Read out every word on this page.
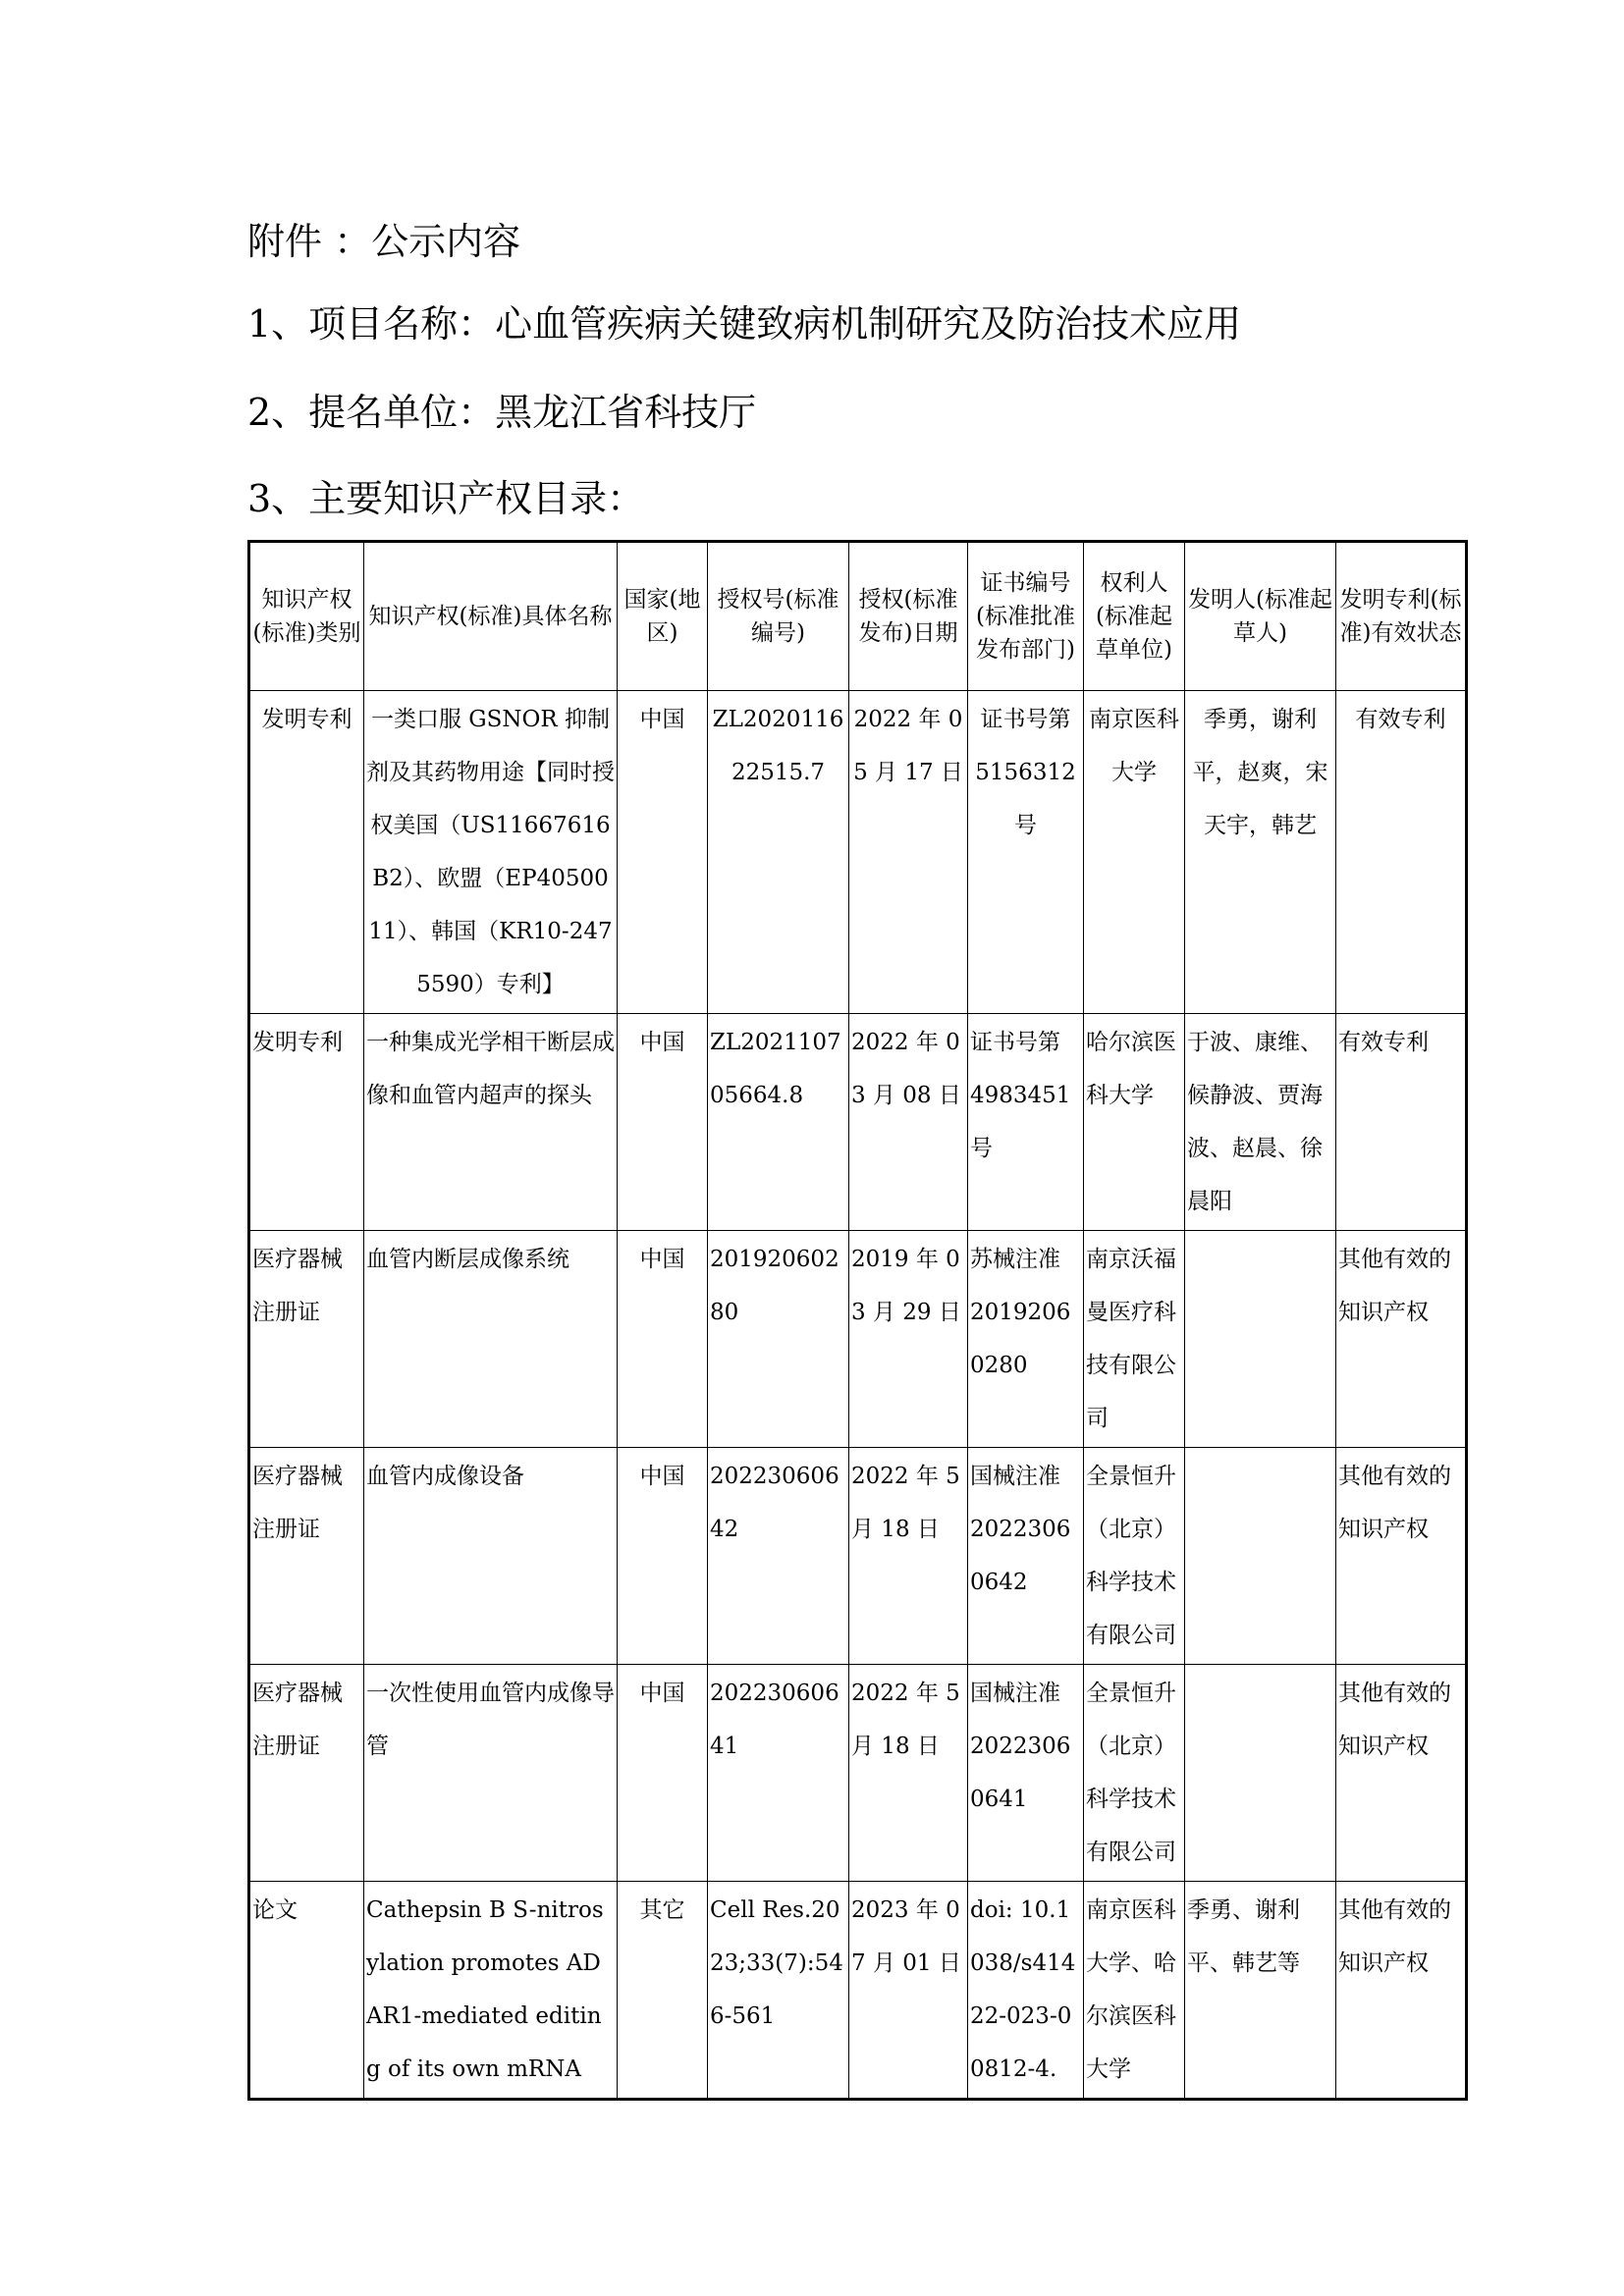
附件 ：公示内容
1、项目名称：心血管疾病关键致病机制研究及防治技术应用
2、提名单位：黑龙江省科技厅
3、主要知识产权目录：
知识产权(标准)类别	知识产权(标准)具体名称	国家(地区)	授权号(标准编号)	授权(标准发布)日期	证书编号(标准批准发布部门)	权利人(标准起草单位)	发明人(标准起草人)	发明专利(标准)有效状态
发明专利	一类口服 GSNOR 抑制剂及其药物用途【同时授权美国（US11667616B2）、欧盟（EP4050011）、韩国（KR10-2475590）专利】	中国	ZL202011622515.7	2022 年 05 月 17 日	证书号第 5156312 号	南京医科大学	季勇，谢利平，赵爽，宋天宇，韩艺	有效专利
发明专利	一种集成光学相干断层成像和血管内超声的探头	中国	ZL202110705664.8	2022 年 03 月 08 日	证书号第 4983451 号	哈尔滨医科大学	于波、康维、候静波、贾海波、赵晨、徐晨阳	有效专利
医疗器械注册证	血管内断层成像系统	中国	20192060280	2019 年 03 月 29 日	苏械注准 20192060280	南京沃福曼医疗科技有限公司		其他有效的知识产权
医疗器械注册证	血管内成像设备	中国	20223060642	2022 年 5 月 18 日	国械注准 20223060642	全景恒升（北京）科学技术有限公司		其他有效的知识产权
医疗器械注册证	一次性使用血管内成像导管	中国	20223060641	2022 年 5 月 18 日	国械注准 20223060641	全景恒升（北京）科学技术有限公司		其他有效的知识产权
论文	Cathepsin B S-nitrosylation promotes ADAR1-mediated editing of its own mRNA	其它	Cell Res.2023;33(7):546-561	2023 年 07 月 01 日	doi: 10.1038/s41422-023-00812-4.	南京医科大学、哈尔滨医科大学	季勇、谢利平、韩艺等	其他有效的知识产权
